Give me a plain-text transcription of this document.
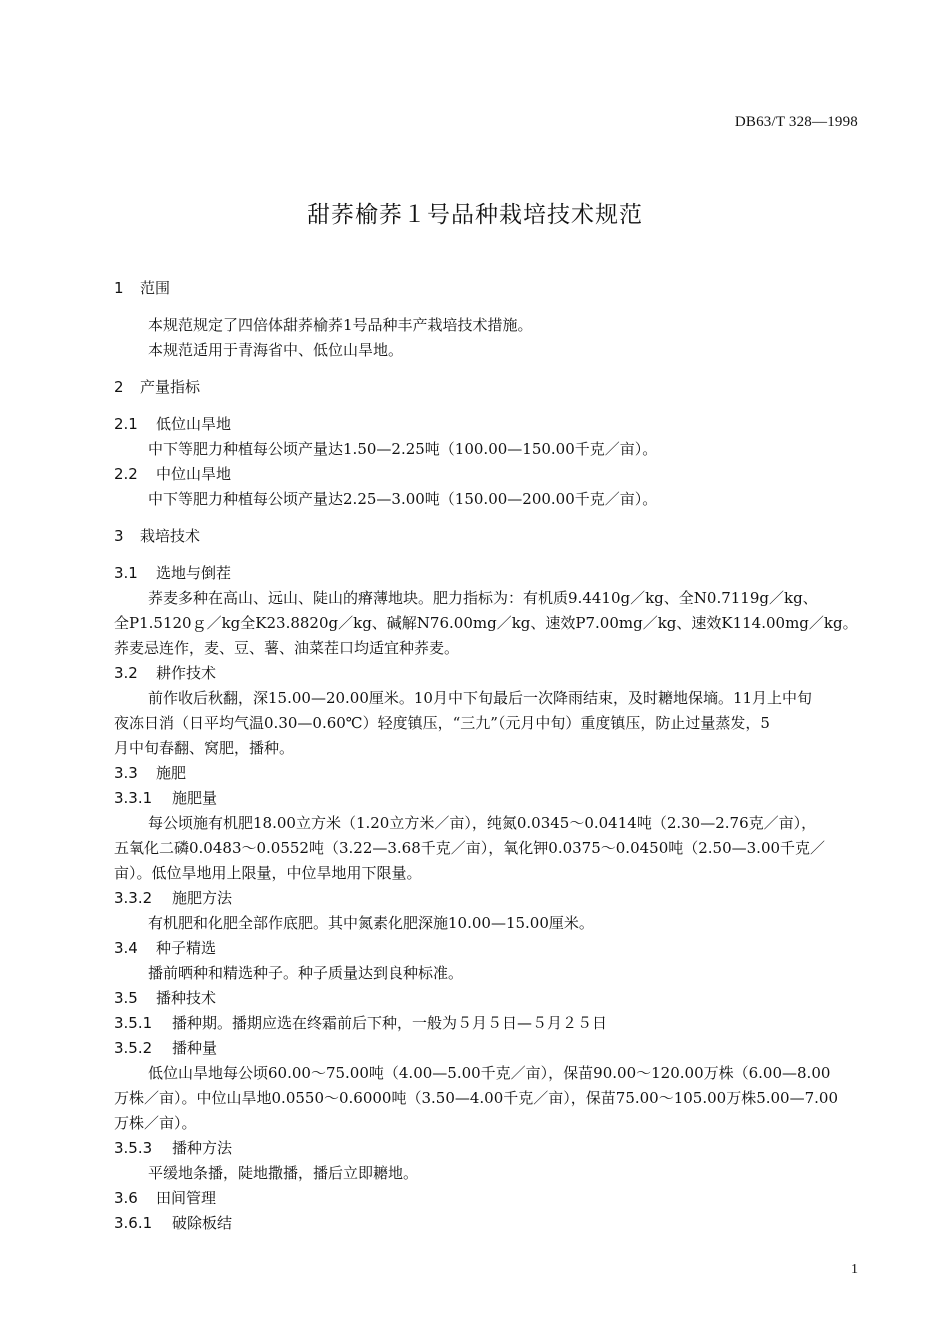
DB63/T 328—1998
甜荞榆荞１号品种栽培技术规范
1 范围
本规范规定了四倍体甜荞榆荞1号品种丰产栽培技术措施。
本规范适用于青海省中、低位山旱地。
2 产量指标
2.1 低位山旱地
中下等肥力种植每公顷产量达1.50—2.25吨（100.00—150.00千克／亩）。
2.2 中位山旱地
中下等肥力种植每公顷产量达2.25—3.00吨（150.00—200.00千克／亩）。
3 栽培技术
3.1 选地与倒茬
荞麦多种在高山、远山、陡山的瘠薄地块。肥力指标为：有机质9.4410g／kg、全N0.7119g／kg、
全P1.5120ｇ／kg全K23.8820g／kg、碱解N76.00mg／kg、速效P7.00mg／kg、速效K114.00mg／kg。
荞麦忌连作，麦、豆、薯、油菜茬口均适宜种荞麦。
3.2 耕作技术
前作收后秋翻，深15.00—20.00厘米。10月中下旬最后一次降雨结束，及时耱地保墒。11月上中旬
夜冻日消（日平均气温0.30—0.60℃）轻度镇压，“三九”（元月中旬）重度镇压，防止过量蒸发，5
月中旬春翻、窝肥，播种。
3.3 施肥
3.3.1 施肥量
每公顷施有机肥18.00立方米（1.20立方米／亩），纯氮0.0345～0.0414吨（2.30—2.76克／亩），
五氧化二磷0.0483～0.0552吨（3.22—3.68千克／亩），氧化钾0.0375～0.0450吨（2.50—3.00千克／
亩）。低位旱地用上限量，中位旱地用下限量。
3.3.2 施肥方法
有机肥和化肥全部作底肥。其中氮素化肥深施10.00—15.00厘米。
3.4 种子精选
播前晒种和精选种子。种子质量达到良种标准。
3.5 播种技术
3.5.1 播种期。播期应选在终霜前后下种，一般为５月５日—５月２５日
3.5.2 播种量
低位山旱地每公顷60.00～75.00吨（4.00—5.00千克／亩），保苗90.00～120.00万株（6.00—8.00
万株／亩）。中位山旱地0.0550～0.6000吨（3.50—4.00千克／亩），保苗75.00～105.00万株5.00—7.00
万株／亩）。
3.5.3 播种方法
平缓地条播，陡地撒播，播后立即耱地。
3.6 田间管理
3.6.1 破除板结
1
